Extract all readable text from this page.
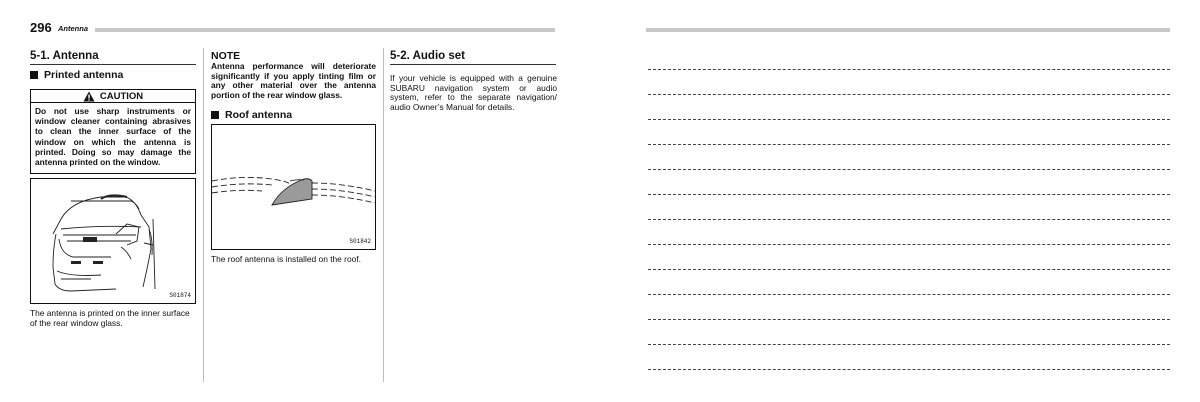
296 Antenna
5-1. Antenna
Printed antenna
CAUTION
Do not use sharp instruments or window cleaner containing abrasives to clean the inner surface of the window on which the antenna is printed. Doing so may damage the antenna printed on the window.
S01874
The antenna is printed on the inner surface of the rear window glass.
NOTE
Antenna performance will deteriorate significantly if you apply tinting film or any other material over the antenna portion of the rear window glass.
Roof antenna
S01842
The roof antenna is installed on the roof.
5-2. Audio set
If your vehicle is equipped with a genuine SUBARU navigation system or audio system, refer to the separate navigation/ audio Owner’s Manual for details.
